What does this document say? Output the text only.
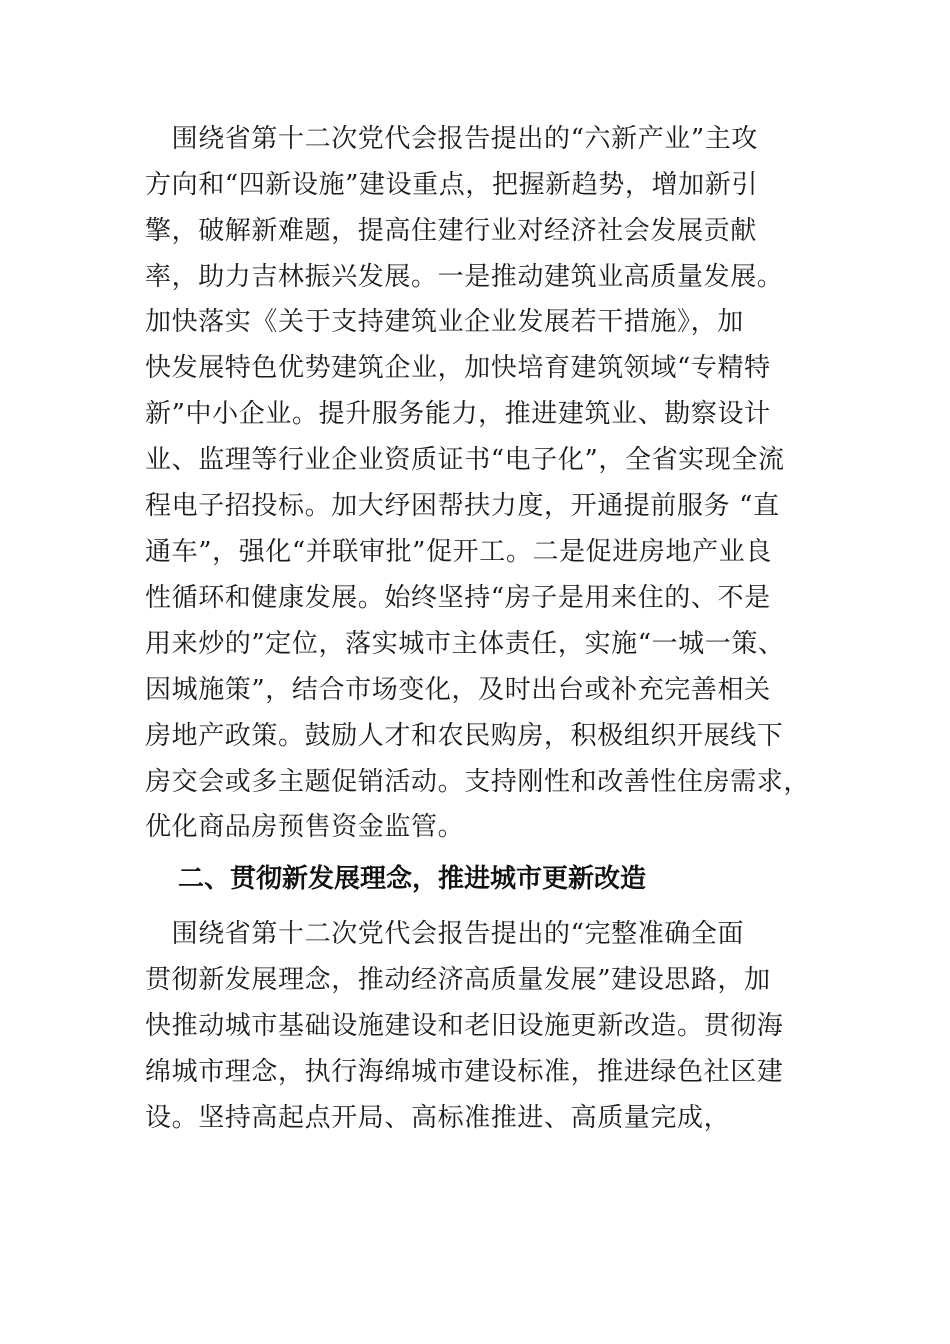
　围绕省第十二次党代会报告提出的“六新产业”主攻
方向和“四新设施”建设重点，把握新趋势，增加新引
擎，破解新难题，提高住建行业对经济社会发展贡献
率，助力吉林振兴发展。一是推动建筑业高质量发展。
加快落实《关于支持建筑业企业发展若干措施》，加
快发展特色优势建筑企业，加快培育建筑领域“专精特
新”中小企业。提升服务能力，推进建筑业、勘察设计
业、监理等行业企业资质证书“电子化”，全省实现全流
程电子招投标。加大纾困帮扶力度，开通提前服务 “直
通车”，强化“并联审批”促开工。二是促进房地产业良
性循环和健康发展。始终坚持“房子是用来住的、不是
用来炒的”定位，落实城市主体责任，实施“一城一策、
因城施策”，结合市场变化，及时出台或补充完善相关
房地产政策。鼓励人才和农民购房，积极组织开展线下
房交会或多主题促销活动。支持刚性和改善性住房需求，
优化商品房预售资金监管。
二、贯彻新发展理念，推进城市更新改造
　围绕省第十二次党代会报告提出的“完整准确全面
贯彻新发展理念，推动经济高质量发展”建设思路，加
快推动城市基础设施建设和老旧设施更新改造。贯彻海
绵城市理念，执行海绵城市建设标准，推进绿色社区建
设。坚持高起点开局、高标准推进、高质量完成，
